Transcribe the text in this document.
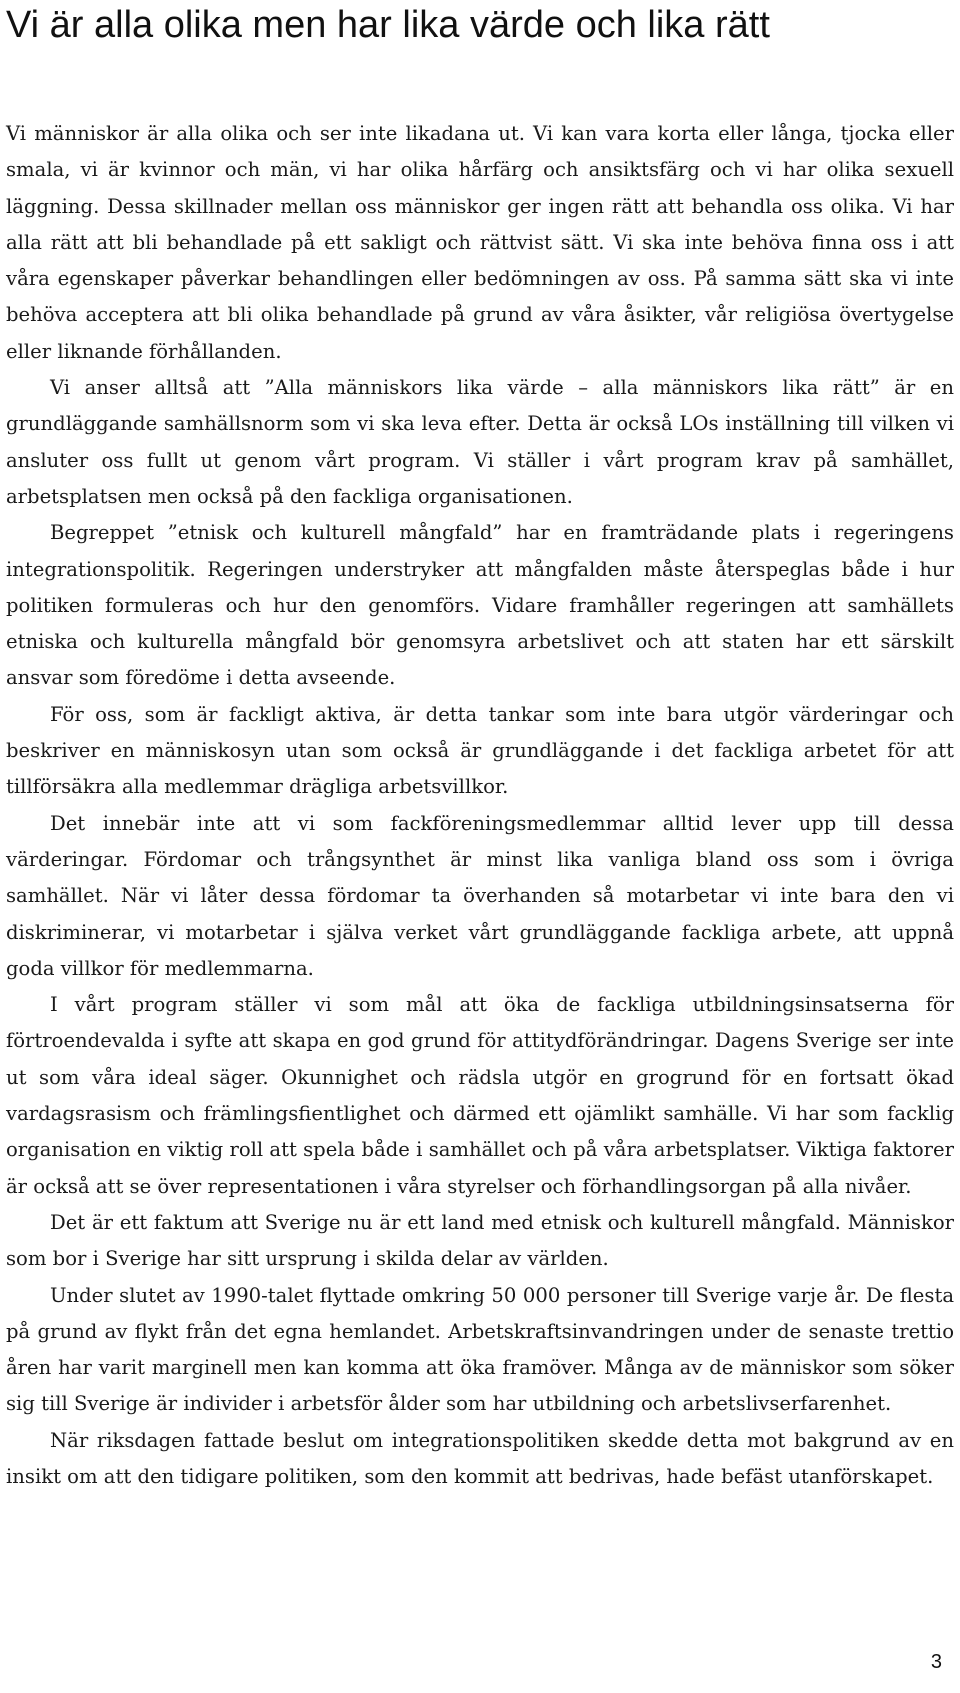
Vi är alla olika men har lika värde och lika rätt

Vi människor är alla olika och ser inte likadana ut. Vi kan vara korta eller långa, tjocka eller smala, vi är kvinnor och män, vi har olika hårfärg och ansiktsfärg och vi har olika sexuell läggning. Dessa skillnader mellan oss människor ger ingen rätt att behandla oss olika. Vi har alla rätt att bli behandlade på ett sakligt och rättvist sätt. Vi ska inte behöva finna oss i att våra egenskaper påverkar behandlingen eller bedömningen av oss. På samma sätt ska vi inte behöva acceptera att bli olika behandlade på grund av våra åsikter, vår religiösa övertygelse eller liknande förhållanden.

Vi anser alltså att ”Alla människors lika värde – alla människors lika rätt” är en grundläggande samhällsnorm som vi ska leva efter. Detta är också LOs inställning till vilken vi ansluter oss fullt ut genom vårt program. Vi ställer i vårt program krav på samhället, arbetsplatsen men också på den fackliga organisationen.

Begreppet ”etnisk och kulturell mångfald” har en framträdande plats i regeringens integrationspolitik. Regeringen understryker att mångfalden måste återspeglas både i hur politiken formuleras och hur den genomförs. Vidare framhåller regeringen att samhällets etniska och kulturella mångfald bör genomsyra arbetslivet och att staten har ett särskilt ansvar som föredöme i detta avseende.

För oss, som är fackligt aktiva, är detta tankar som inte bara utgör värderingar och beskriver en människosyn utan som också är grundläggande i det fackliga arbetet för att tillförsäkra alla medlemmar drägliga arbetsvillkor.

Det innebär inte att vi som fackföreningsmedlemmar alltid lever upp till dessa värderingar. Fördomar och trångsynthet är minst lika vanliga bland oss som i övriga samhället. När vi låter dessa fördomar ta överhanden så motarbetar vi inte bara den vi diskriminerar, vi motarbetar i själva verket vårt grundläggande fackliga arbete, att uppnå goda villkor för medlemmarna.

I vårt program ställer vi som mål att öka de fackliga utbildningsinsatserna för förtroendevalda i syfte att skapa en god grund för attitydförändringar. Dagens Sverige ser inte ut som våra ideal säger. Okunnighet och rädsla utgör en grogrund för en fortsatt ökad vardagsrasism och främlingsfientlighet och därmed ett ojämlikt samhälle. Vi har som facklig organisation en viktig roll att spela både i samhället och på våra arbetsplatser. Viktiga faktorer är också att se över representationen i våra styrelser och förhandlingsorgan på alla nivåer.

Det är ett faktum att Sverige nu är ett land med etnisk och kulturell mångfald. Människor som bor i Sverige har sitt ursprung i skilda delar av världen.

Under slutet av 1990-talet flyttade omkring 50 000 personer till Sverige varje år. De flesta på grund av flykt från det egna hemlandet. Arbetskraftsinvandringen under de senaste trettio åren har varit marginell men kan komma att öka framöver. Många av de människor som söker sig till Sverige är individer i arbetsför ålder som har utbildning och arbetslivserfarenhet.

När riksdagen fattade beslut om integrationspolitiken skedde detta mot bakgrund av en insikt om att den tidigare politiken, som den kommit att bedrivas, hade befäst utanförskapet.

3
